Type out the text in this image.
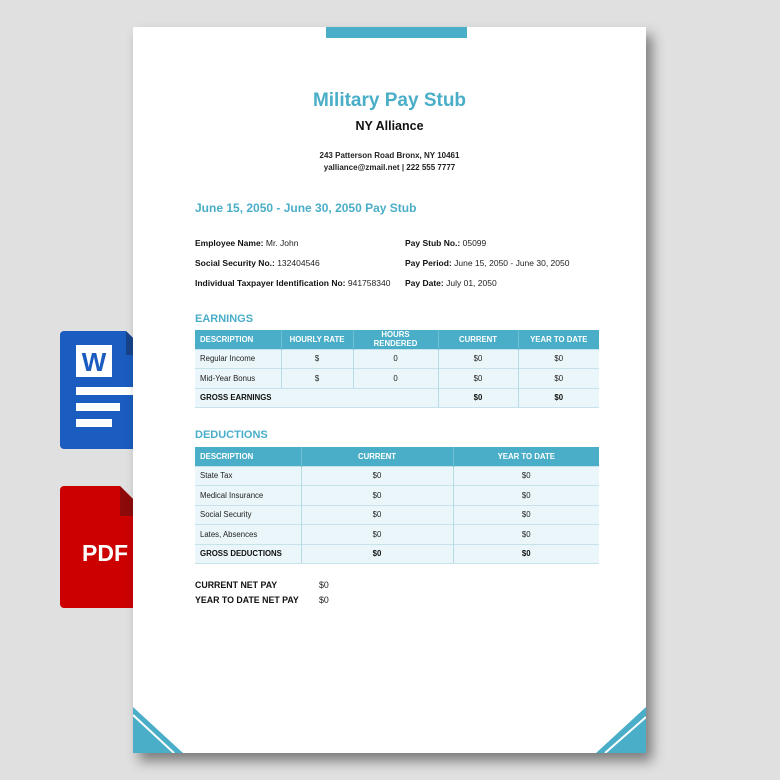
W
PDF
Military Pay Stub
NY Alliance
243 Patterson Road Bronx, NY 10461
yalliance@zmail.net | 222 555 7777
June 15, 2050 - June 30, 2050 Pay Stub
Employee Name: Mr. John
Social Security No.: 132404546
Individual Taxpayer Identification No: 941758340
Pay Stub No.: 05099
Pay Period: June 15, 2050 - June 30, 2050
Pay Date: July 01, 2050
EARNINGS
DESCRIPTION	HOURLY RATE	HOURS RENDERED	CURRENT	YEAR TO DATE
Regular Income	$	0	$0	$0
Mid-Year Bonus	$	0	$0	$0
GROSS EARNINGS			$0	$0
DEDUCTIONS
DESCRIPTION	CURRENT	YEAR TO DATE
State Tax	$0	$0
Medical Insurance	$0	$0
Social Security	$0	$0
Lates, Absences	$0	$0
GROSS DEDUCTIONS	$0	$0
CURRENT NET PAY	$0
YEAR TO DATE NET PAY $0
